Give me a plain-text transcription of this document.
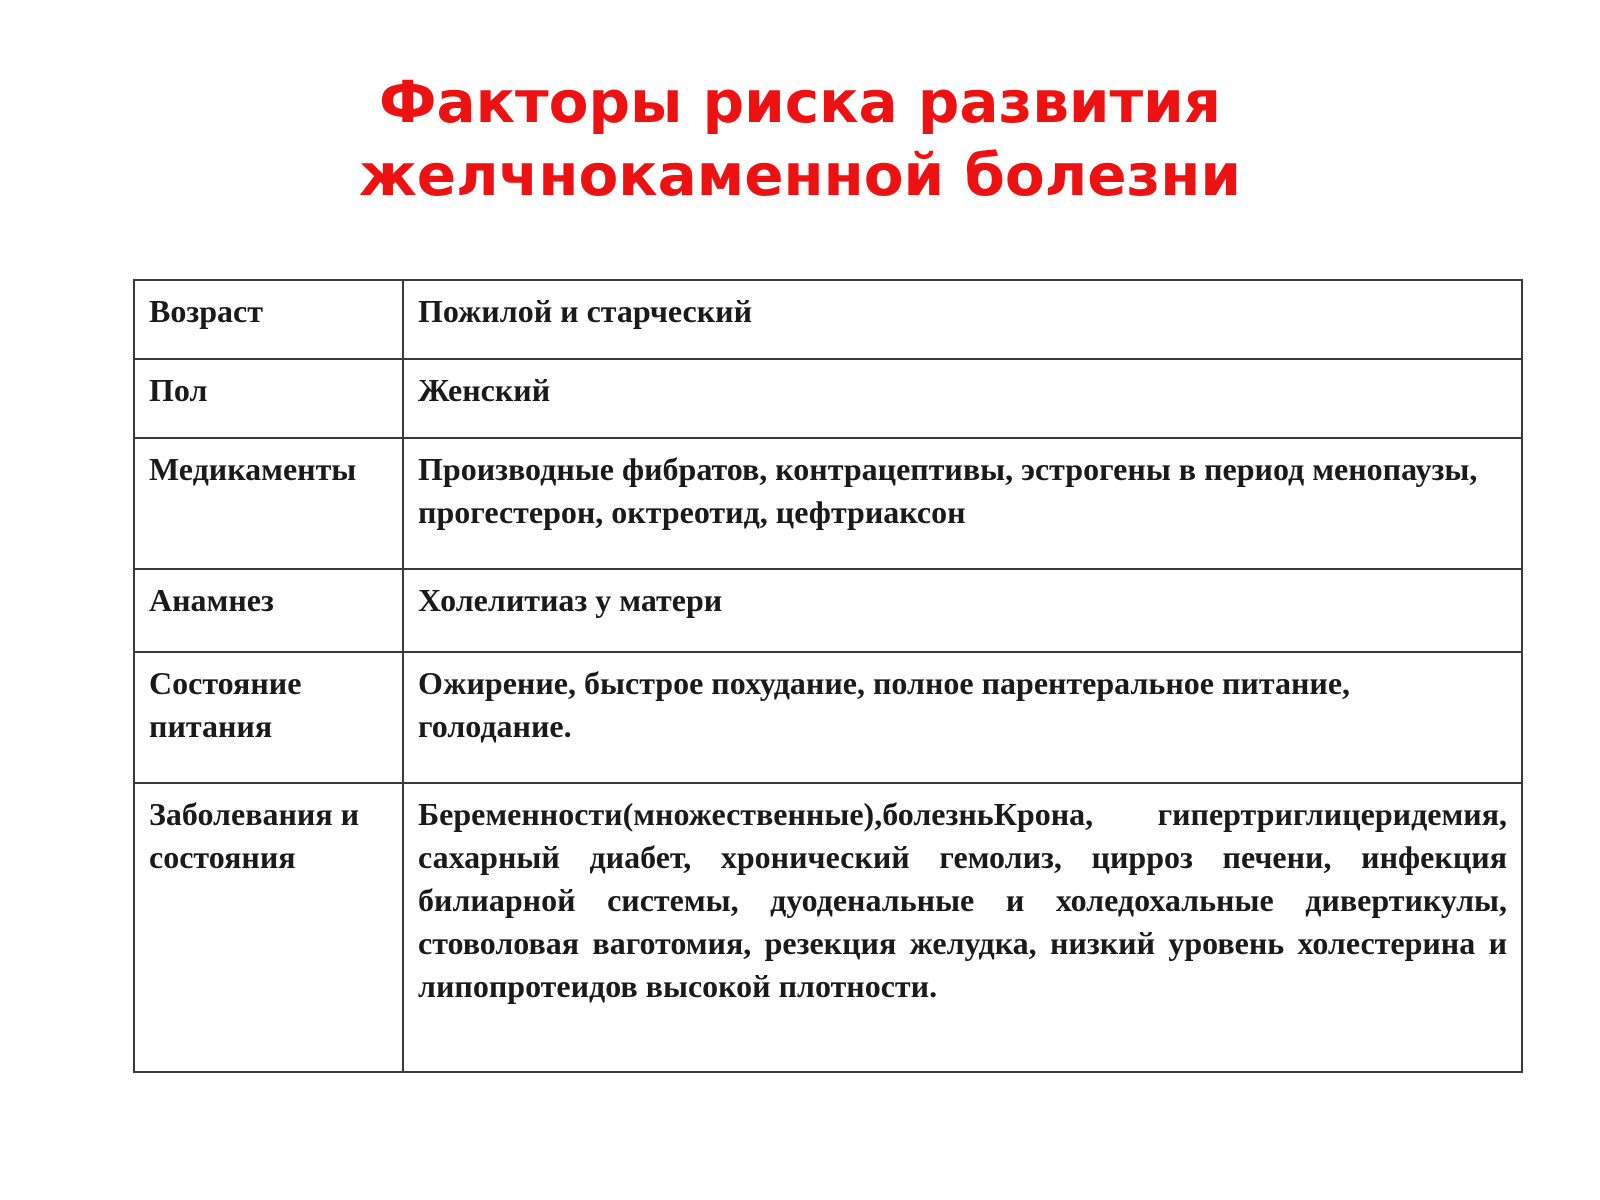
Факторы риска развития
желчнокаменной болезни
Возраст	Пожилой и старческий
Пол	Женский
Медикаменты	Производные фибратов, контрацептивы, эстрогены в период менопаузы, прогестерон, октреотид, цефтриаксон
Анамнез	Холелитиаз у матери
Состояние питания	Ожирение, быстрое похудание, полное парентеральное питание, голодание.
Заболевания и состояния	Беременности(множественные),болезньКрона, гипертриглицеридемия, сахарный диабет, хронический гемолиз, цирроз печени, инфекция билиарной системы, дуоденальные и холедохальные дивертикулы, стоволовая ваготомия, резекция желудка, низкий уровень холестерина и липопротеидов высокой плотности.
